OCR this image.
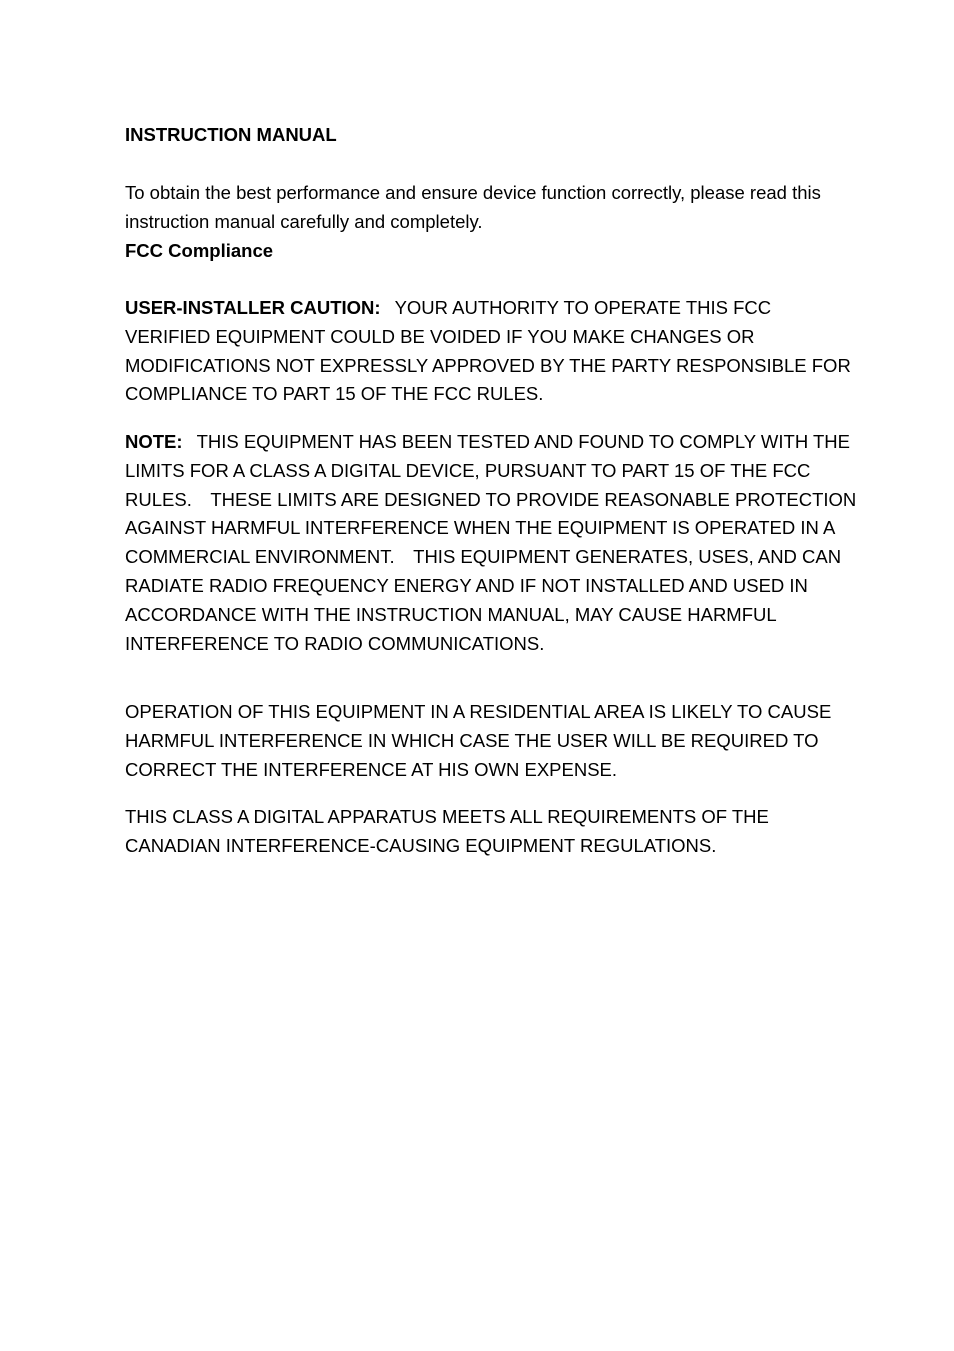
INSTRUCTION MANUAL
To obtain the best performance and ensure device function correctly, please read this instruction manual carefully and completely.
FCC Compliance

USER-INSTALLER CAUTION: YOUR AUTHORITY TO OPERATE THIS FCC VERIFIED EQUIPMENT COULD BE VOIDED IF YOU MAKE CHANGES OR MODIFICATIONS NOT EXPRESSLY APPROVED BY THE PARTY RESPONSIBLE FOR COMPLIANCE TO PART 15 OF THE FCC RULES.

NOTE: THIS EQUIPMENT HAS BEEN TESTED AND FOUND TO COMPLY WITH THE LIMITS FOR A CLASS A DIGITAL DEVICE, PURSUANT TO PART 15 OF THE FCC RULES.　THESE LIMITS ARE DESIGNED TO PROVIDE REASONABLE PROTECTION AGAINST HARMFUL INTERFERENCE WHEN THE EQUIPMENT IS OPERATED IN A COMMERCIAL ENVIRONMENT.　THIS EQUIPMENT GENERATES, USES, AND CAN RADIATE RADIO FREQUENCY ENERGY AND IF NOT INSTALLED AND USED IN ACCORDANCE WITH THE INSTRUCTION MANUAL, MAY CAUSE HARMFUL INTERFERENCE TO RADIO COMMUNICATIONS.

OPERATION OF THIS EQUIPMENT IN A RESIDENTIAL AREA IS LIKELY TO CAUSE HARMFUL INTERFERENCE IN WHICH CASE THE USER WILL BE REQUIRED TO CORRECT THE INTERFERENCE AT HIS OWN EXPENSE.

THIS CLASS A DIGITAL APPARATUS MEETS ALL REQUIREMENTS OF THE CANADIAN INTERFERENCE-CAUSING EQUIPMENT REGULATIONS.
